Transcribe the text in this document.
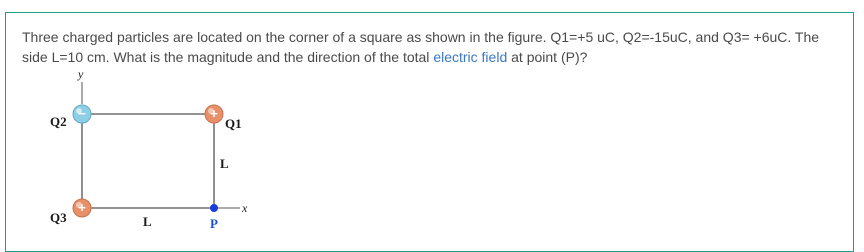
Three charged particles are located on the corner of a square as shown in the figure. Q1=+5 uC, Q2=-15uC, and Q3= +6uC. The side L=10 cm. What is the magnitude and the direction of the total electric field at point (P)?
y
x
−
Q2
+
Q1
+
Q3
L
L	P
